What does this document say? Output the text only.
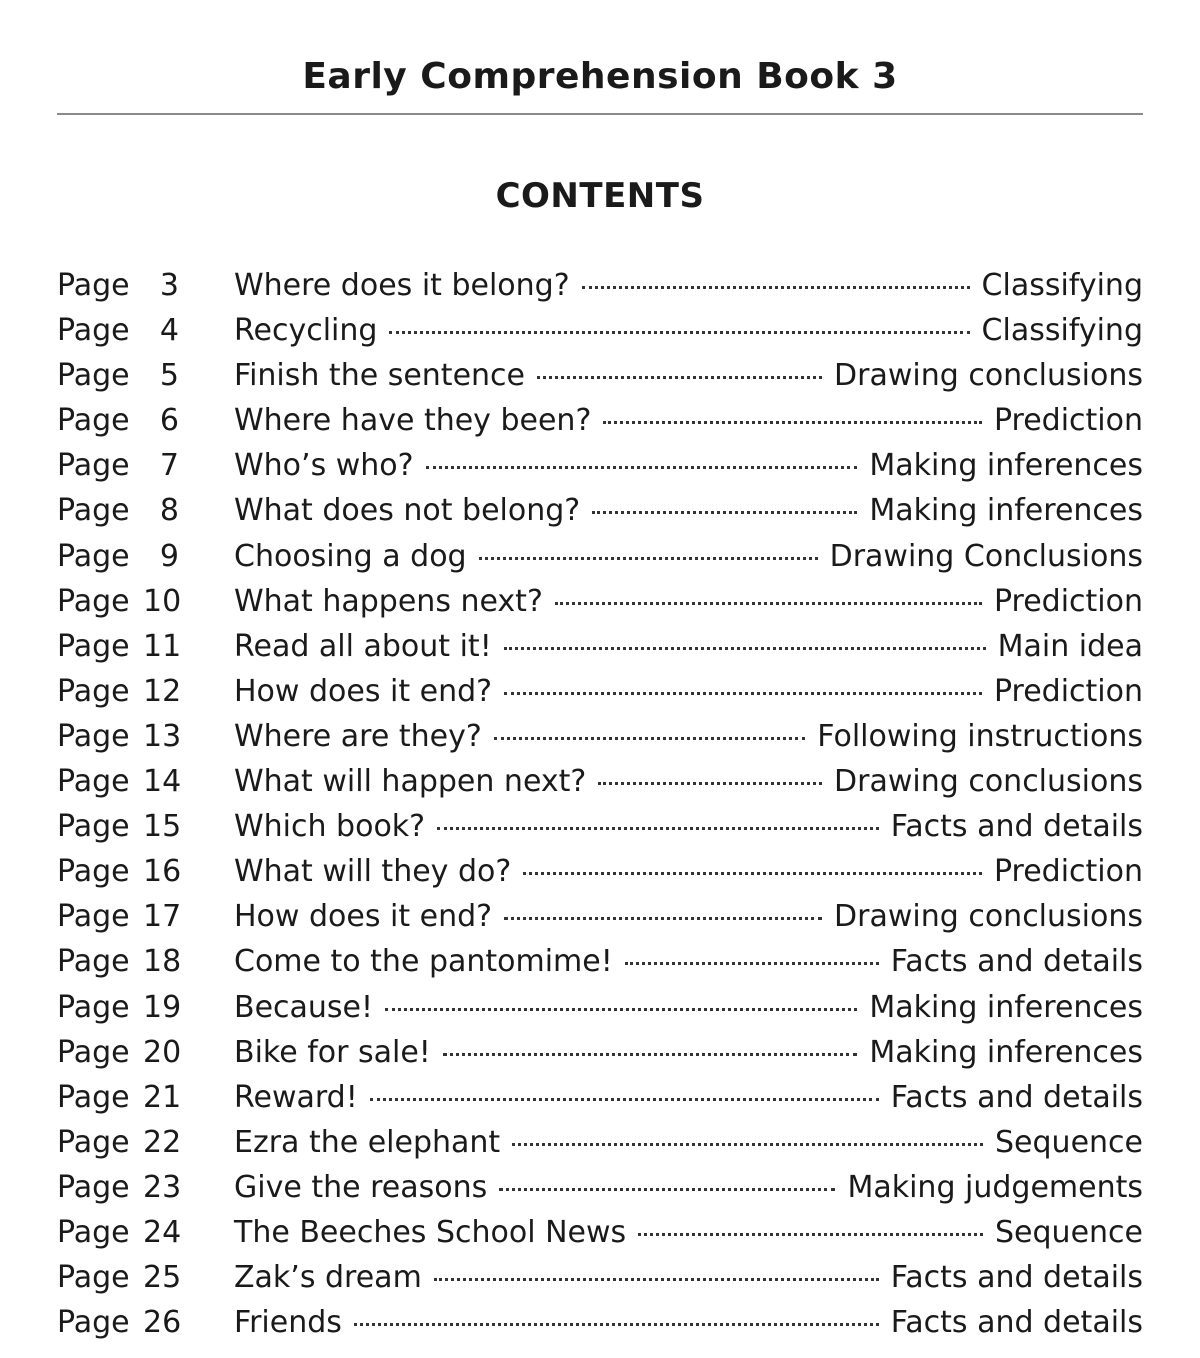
Early Comprehension Book 3
CONTENTS
Page	3 Where does it belong?	Classifying
Page	4 Recycling	Classifying
Page	5 Finish the sentence	Drawing conclusions
Page	6 Where have they been?	Prediction
Page	7 Who’s who?	Making inferences
Page	8 What does not belong?	Making inferences
Page	9 Choosing a dog	Drawing Conclusions
Page 10 What happens next?	Prediction
Page 11 Read all about it!	Main idea
Page 12 How does it end?	Prediction
Page 13 Where are they?	Following instructions
Page 14 What will happen next?	Drawing conclusions
Page 15 Which book?	Facts and details
Page 16 What will they do?	Prediction
Page 17 How does it end?	Drawing conclusions
Page 18 Come to the pantomime!	Facts and details
Page 19 Because!	Making inferences
Page 20 Bike for sale!	Making inferences
Page 21 Reward!	Facts and details
Page 22 Ezra the elephant	Sequence
Page 23 Give the reasons	Making judgements
Page 24 The Beeches School News	Sequence
Page 25 Zak’s dream	Facts and details
Page 26 Friends	Facts and details
